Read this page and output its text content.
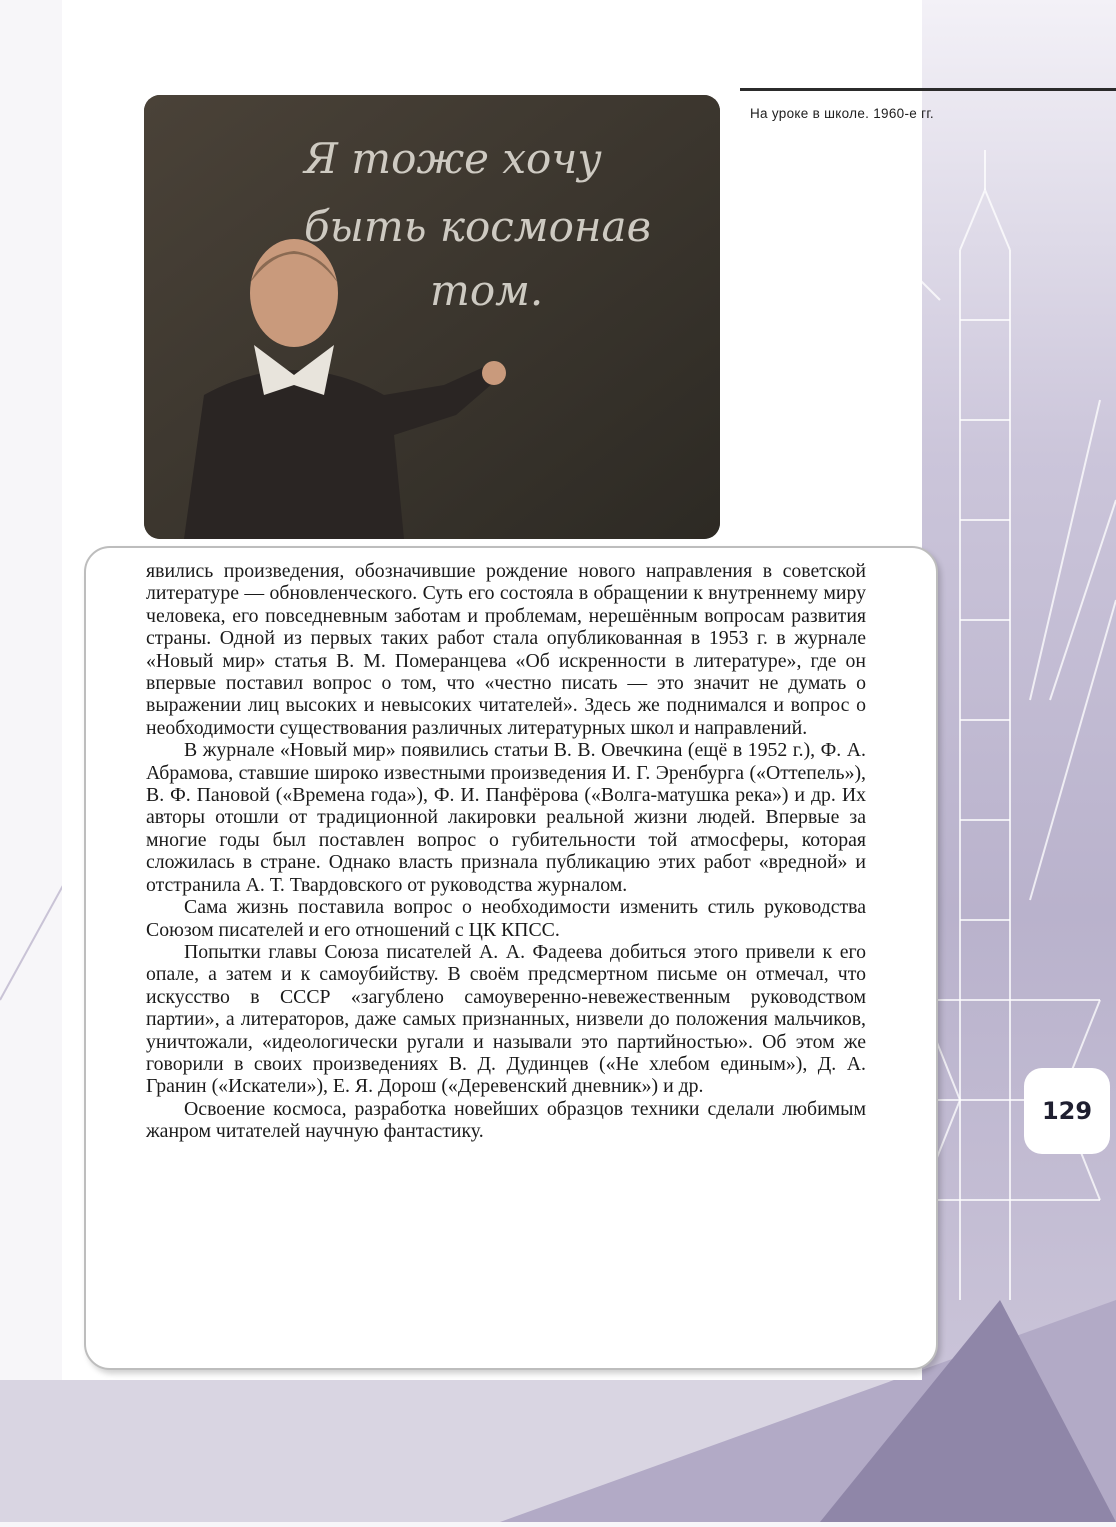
На уроке в школе. 1960-е гг.
Я тоже хочу
быть космонав
том.

явились произведения, обозначившие рождение нового направления в советской литературе — обновленческого. Суть его состояла в обращении к внутреннему миру человека, его повседневным заботам и проблемам, нерешённым вопросам развития страны. Одной из первых таких работ стала опубликованная в 1953 г. в журнале «Новый мир» статья В. М. Померанцева «Об искренности в литературе», где он впервые поставил вопрос о том, что «честно писать — это значит не думать о выражении лиц высоких и невысоких читателей». Здесь же поднимался и вопрос о необходимости существования различных литературных школ и направлений.

В журнале «Новый мир» появились статьи В. В. Овечкина (ещё в 1952 г.), Ф. А. Абрамова, ставшие широко известными произведения И. Г. Эренбурга («Оттепель»), В. Ф. Пановой («Времена года»), Ф. И. Панфёрова («Волга-матушка река») и др. Их авторы отошли от традиционной лакировки реальной жизни людей. Впервые за многие годы был поставлен вопрос о губительности той атмосферы, которая сложилась в стране. Однако власть признала публикацию этих работ «вредной» и отстранила А. Т. Твардовского от руководства журналом.

Сама жизнь поставила вопрос о необходимости изменить стиль руководства Союзом писателей и его отношений с ЦК КПСС.

Попытки главы Союза писателей А. А. Фадеева добиться этого привели к его опале, а затем и к самоубийству. В своём предсмертном письме он отмечал, что искусство в СССР «загублено самоуверенно-невежественным руководством партии», а литераторов, даже самых признанных, низвели до положения мальчиков, уничтожали, «идеологически ругали и называли это партийностью». Об этом же говорили в своих произведениях В. Д. Дудинцев («Не хлебом единым»), Д. А. Гранин («Искатели»), Е. Я. Дорош («Деревенский дневник») и др.

Освоение космоса, разработка новейших образцов техники сделали любимым жанром читателей научную фантастику.

129
